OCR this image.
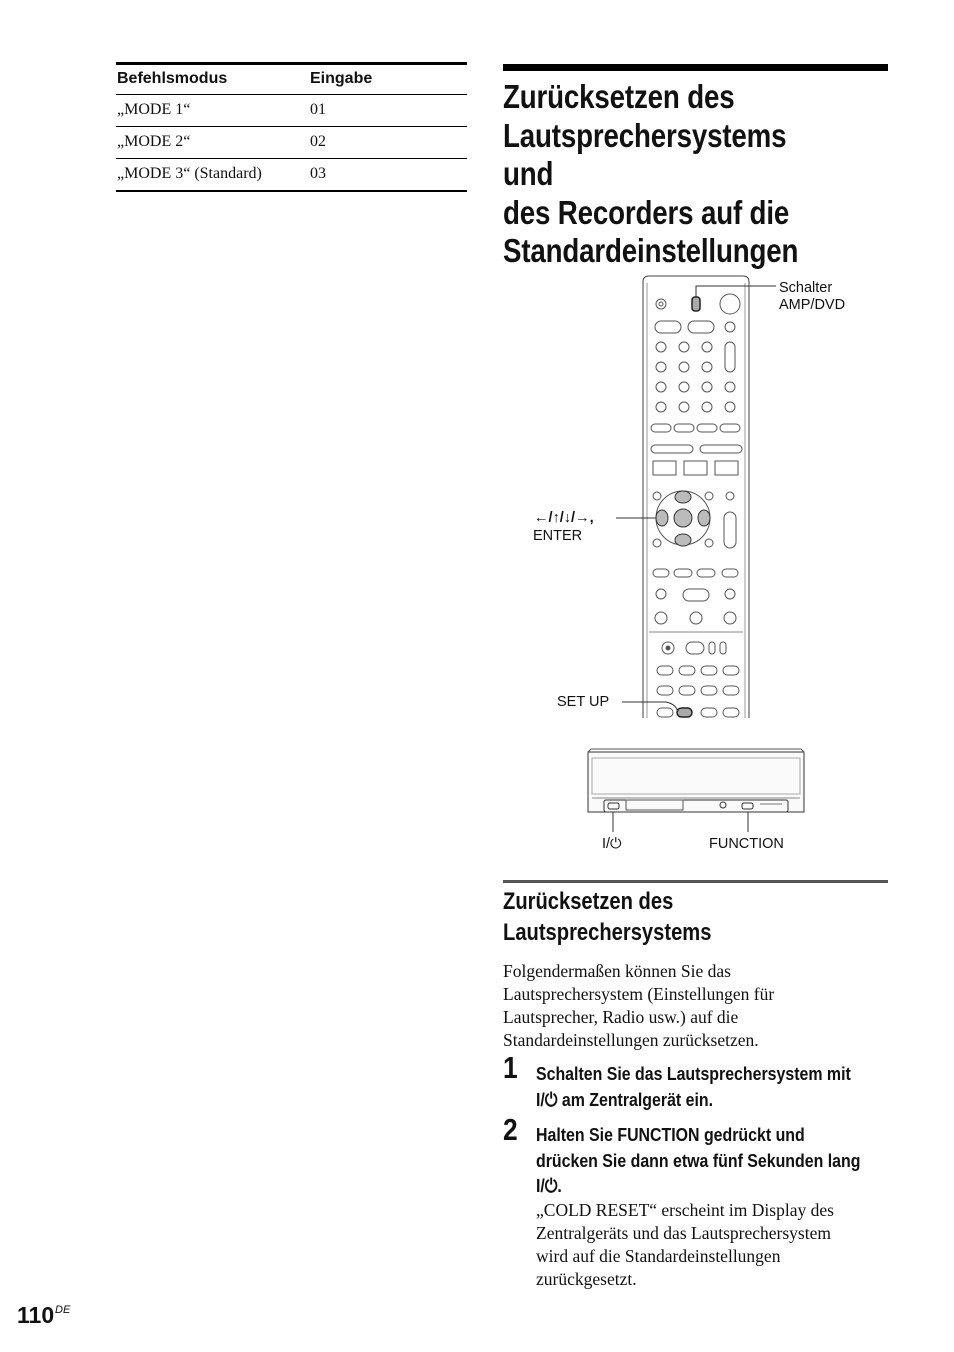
Befehlsmodus	Eingabe
„MODE 1“	01
„MODE 2“	02
„MODE 3“ (Standard)	03
Zurücksetzen des
Lautsprechersystems und
des Recorders auf die
Standardeinstellungen
Schalter
AMP/DVD
←/↑/↓/→,
ENTER
SET UP
I/⏻	FUNCTION
Zurücksetzen des
Lautsprechersystems

Folgendermaßen können Sie das
Lautsprechersystem (Einstellungen für
Lautsprecher, Radio usw.) auf die
Standardeinstellungen zurücksetzen.

1 Schalten Sie das Lautsprechersystem mit
I/⏻ am Zentralgerät ein.

2 Halten Sie FUNCTION gedrückt und
drücken Sie dann etwa fünf Sekunden lang
I/⏻.

„COLD RESET“ erscheint im Display des
Zentralgeräts und das Lautsprechersystem
wird auf die Standardeinstellungen
zurückgesetzt.

110 DE
